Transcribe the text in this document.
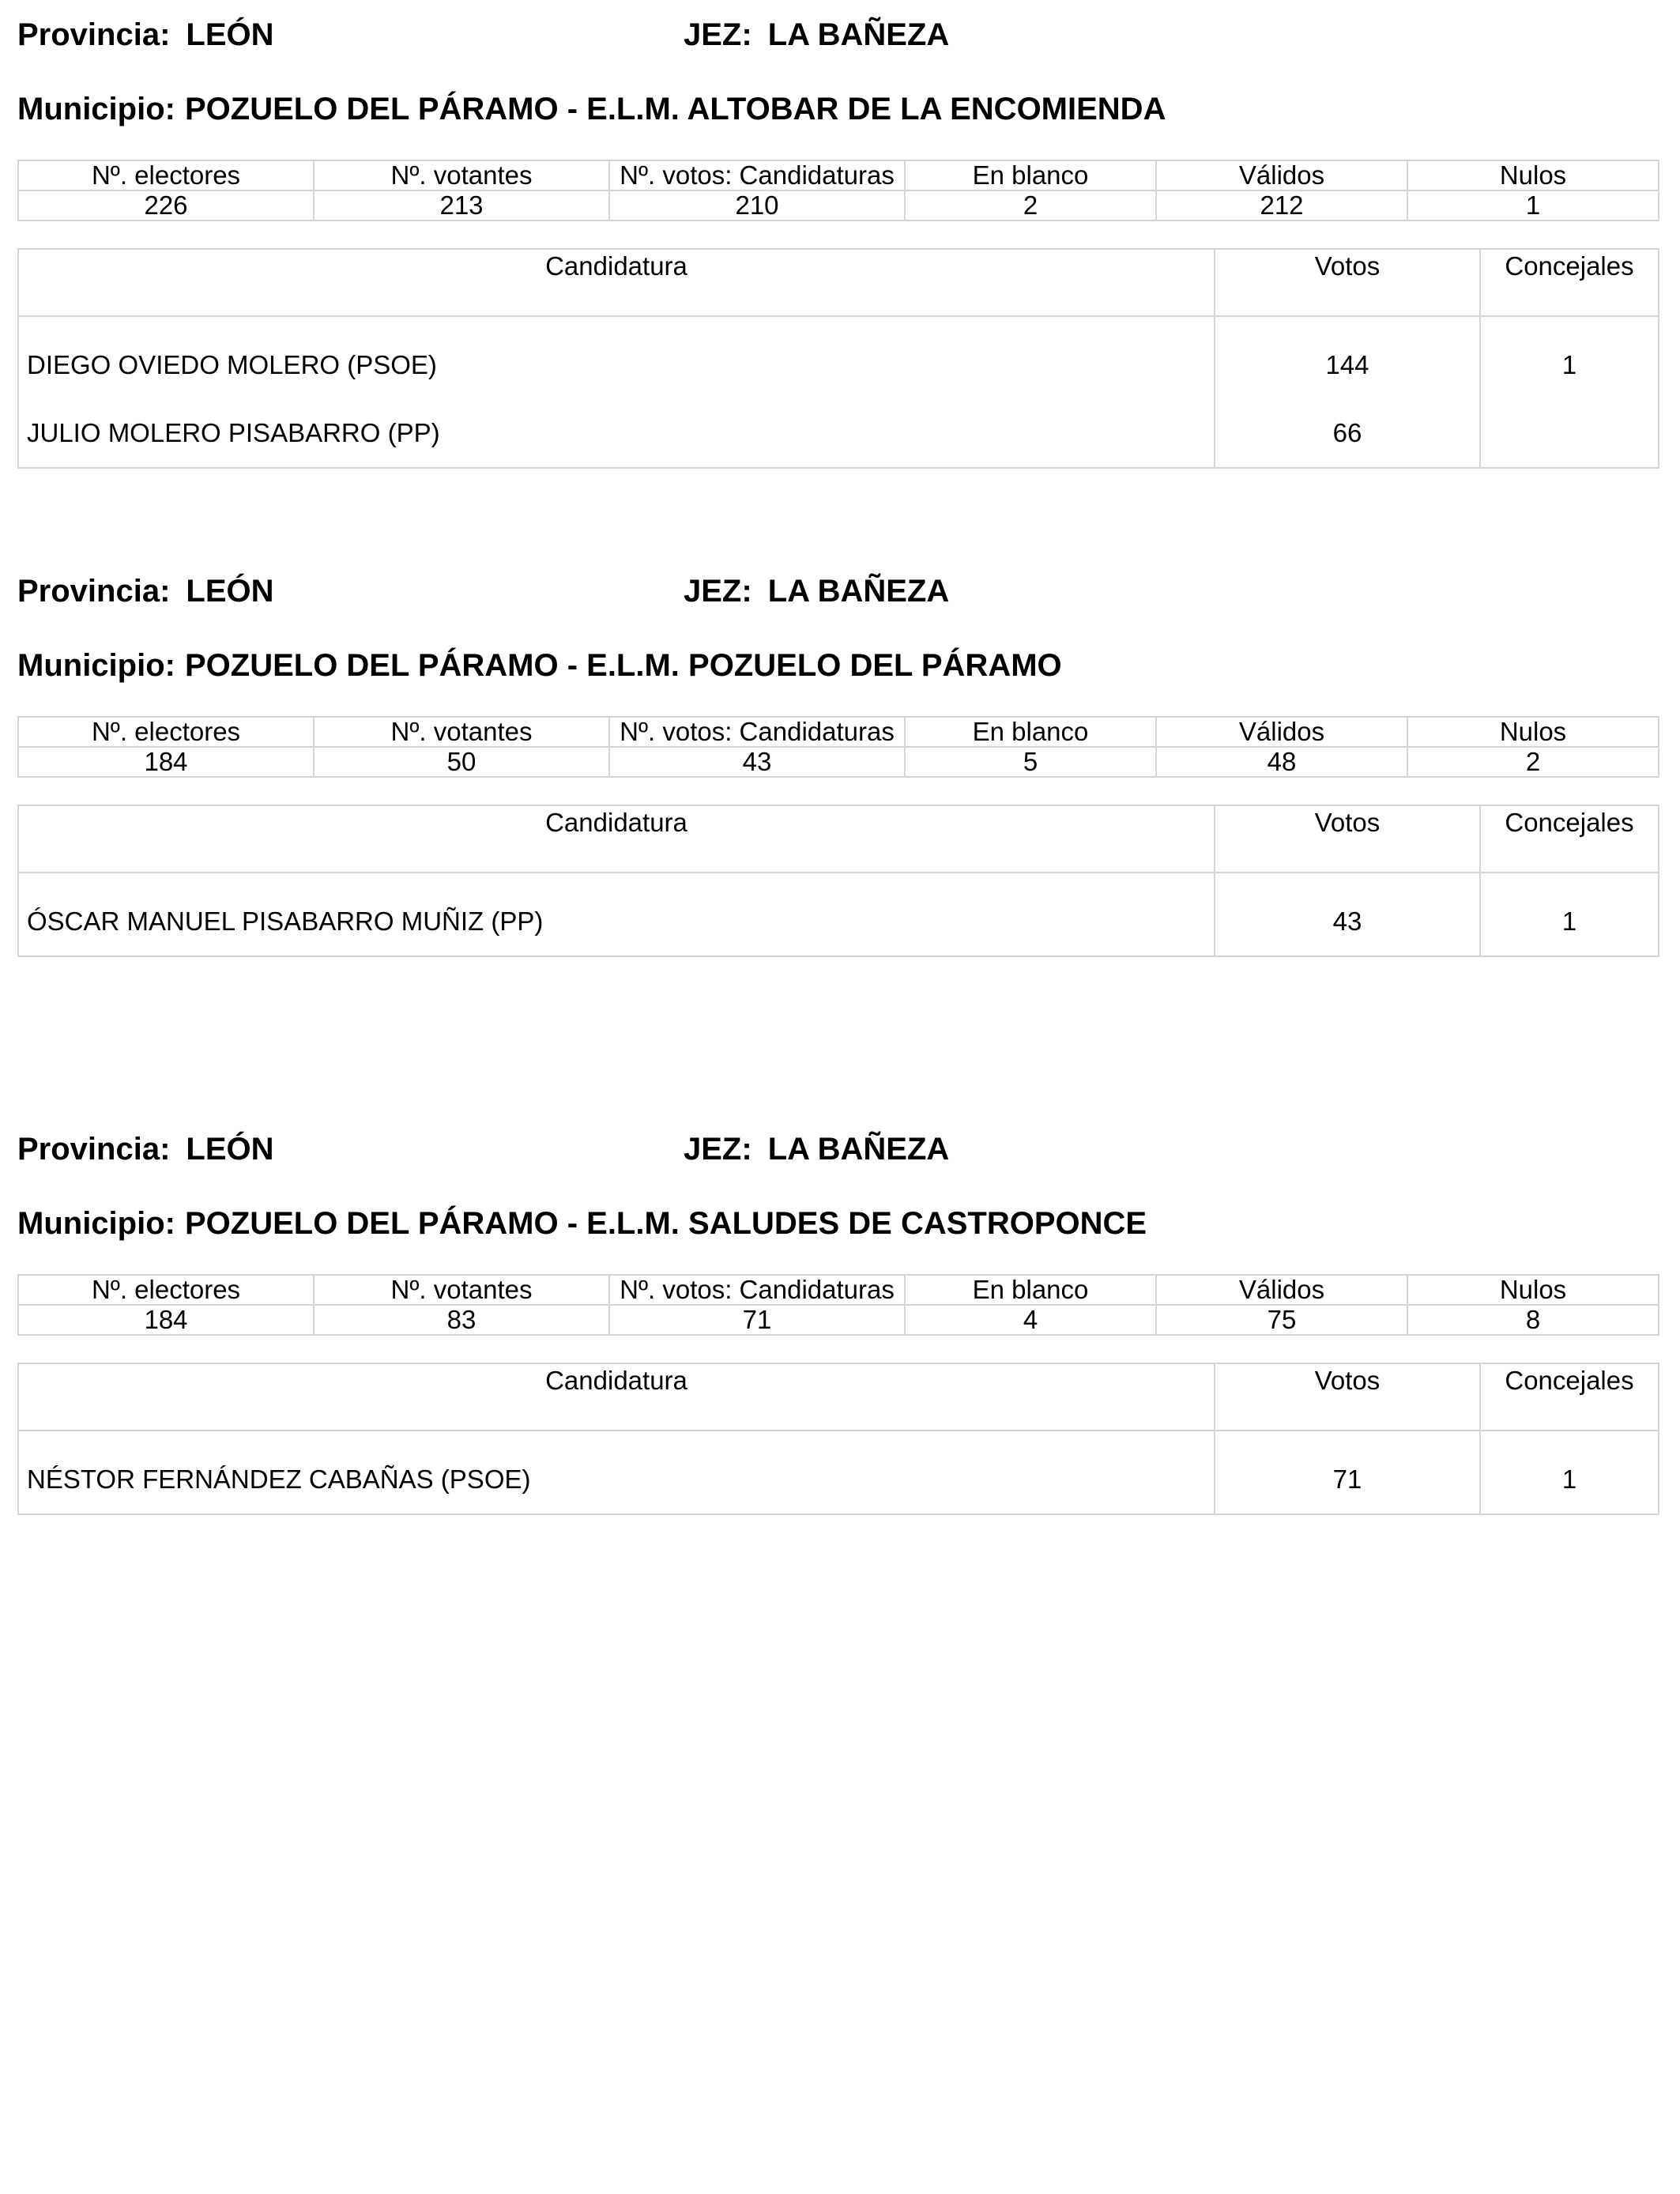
Provincia: LEÓN	JEZ: LA BAÑEZA
Municipio: POZUELO DEL PÁRAMO - E.L.M. ALTOBAR DE LA ENCOMIENDA
Nº. electores	Nº. votantes	Nº. votos: Candidaturas	En blanco	Válidos	Nulos
226	213	210	2	212	1
Candidatura	Votos	Concejales
DIEGO OVIEDO MOLERO (PSOE)	144	1
JULIO MOLERO PISABARRO (PP)	66	
Provincia: LEÓN	JEZ: LA BAÑEZA
Municipio: POZUELO DEL PÁRAMO - E.L.M. POZUELO DEL PÁRAMO
Nº. electores	Nº. votantes	Nº. votos: Candidaturas	En blanco	Válidos	Nulos
184	50	43	5	48	2
Candidatura	Votos	Concejales
ÓSCAR MANUEL PISABARRO MUÑIZ (PP)	43	1
Provincia: LEÓN	JEZ: LA BAÑEZA
Municipio: POZUELO DEL PÁRAMO - E.L.M. SALUDES DE CASTROPONCE
Nº. electores	Nº. votantes	Nº. votos: Candidaturas	En blanco	Válidos	Nulos
184	83	71	4	75	8
Candidatura	Votos	Concejales
NÉSTOR FERNÁNDEZ CABAÑAS (PSOE)	71	1
